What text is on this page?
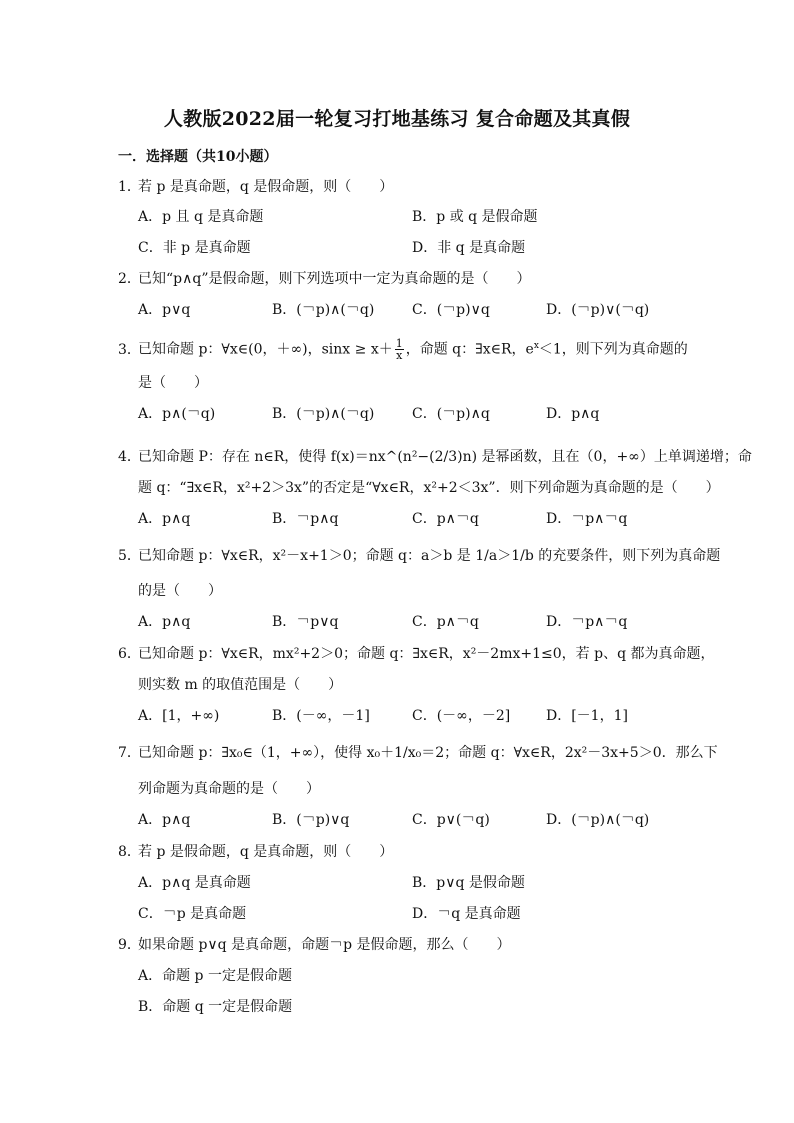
人教版2022届一轮复习打地基练习 复合命题及其真假
一．选择题（共10小题）
1．若 p 是真命题，q 是假命题，则（　　）
A．p 且 q 是真命题	B．p 或 q 是假命题
C．非 p 是真命题	D．非 q 是真命题
2．已知“p∧q”是假命题，则下列选项中一定为真命题的是（　　）
A．p∨q	B．(￢p)∧(￢q)	C．(￢p)∨q	D．(￢p)∨(￢q)
3．已知命题 p：∀x∈(0，＋∞)，$\sin x \ge x+ \frac{1}{x}$ ，命题 q：∃x∈R，$e^x<1$，则下列为真命题的
是（　　）
A．p∧(￢q)	B．(￢p)∧(￢q)	C．(￢p)∧q	D．p∧q
4．已知命题 P：存在 n∈R，使得 f(x)＝nx^(n²−(2/3)n) 是幂函数，且在（0，+∞）上单调递增；命
题 q：“∃x∈R，x²+2＞3x”的否定是“∀x∈R，x²+2＜3x”．则下列命题为真命题的是（　　）
A．p∧q	B．￢p∧q	C．p∧￢q	D．￢p∧￢q
5．已知命题 p：∀x∈R，x²－x+1＞0；命题 q：a＞b 是 1/a＞1/b 的充要条件，则下列为真命题
的是（　　）
A．p∧q	B．￢p∨q	C．p∧￢q	D．￢p∧￢q
6．已知命题 p：∀x∈R，mx²+2＞0；命题 q：∃x∈R，x²－2mx+1≤0，若 p、q 都为真命题，
则实数 m 的取值范围是（　　）
A．[1，+∞)	B．(－∞，－1]	C．(－∞，－2]	D．[－1，1]
7．已知命题 p：∃x₀∈（1，+∞），使得 x₀＋1/x₀＝2；命题 q：∀x∈R，2x²－3x+5＞0．那么下
列命题为真命题的是（　　）
A．p∧q	B．(￢p)∨q	C．p∨(￢q)	D．(￢p)∧(￢q)
8．若 p 是假命题，q 是真命题，则（　　）
A．p∧q 是真命题	B．p∨q 是假命题
C．￢p 是真命题	D．￢q 是真命题
9．如果命题 p∨q 是真命题，命题￢p 是假命题，那么（　　）
A．命题 p 一定是假命题
B．命题 q 一定是假命题
